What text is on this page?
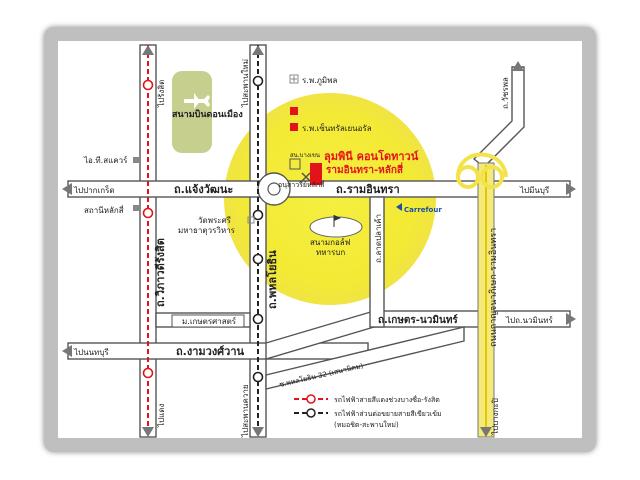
ลุมพินี คอนโดทาวน์
รามอินทรา-หลักสี่
สน.บางเขน
ถ.แจ้งวัฒนะ	ถ.รามอินทรา
ถ.เกษตร-นวมินทร์
ถ.งามวงศ์วาน
ซ.พหลโยธิน 32 (เสนานิคม)
ม.เกษตรศาสตร์
ถ.วิภาวดีรังสิต	ถ.พหลโยธิน
ถ.ลาดปลาเค้า
ถ.วัชรพล
ถนนกาญจนาภิเษก-รามอินทรา
ไปรังสิต	ไปสะพานใหม่
ไปแดง	ไปสะพานควาย	ไปบางกะปิ
ไปปากเกร็ด	ไปมีนบุรี
ไปถ.นวมินทร์
ไปนนทบุรี
สนามบินดอนเมือง
ไอ.ที.สแควร์
สถานีหลักสี่
วัดพระศรี
มหาธาตุวรวิหาร
อนุสาวรีย์หลักสี่
สนามกอล์ฟ
ทหารบก
ร.พ.ภูมิพล
ร.พ.เซ็นทรัลเยนอรัล
Carrefour
รถไฟฟ้าสายสีแดงช่วงบางซื่อ-รังสิต
รถไฟฟ้าส่วนต่อขยายสายสีเขียวเข้ม
(หมอชิต-สะพานใหม่)
